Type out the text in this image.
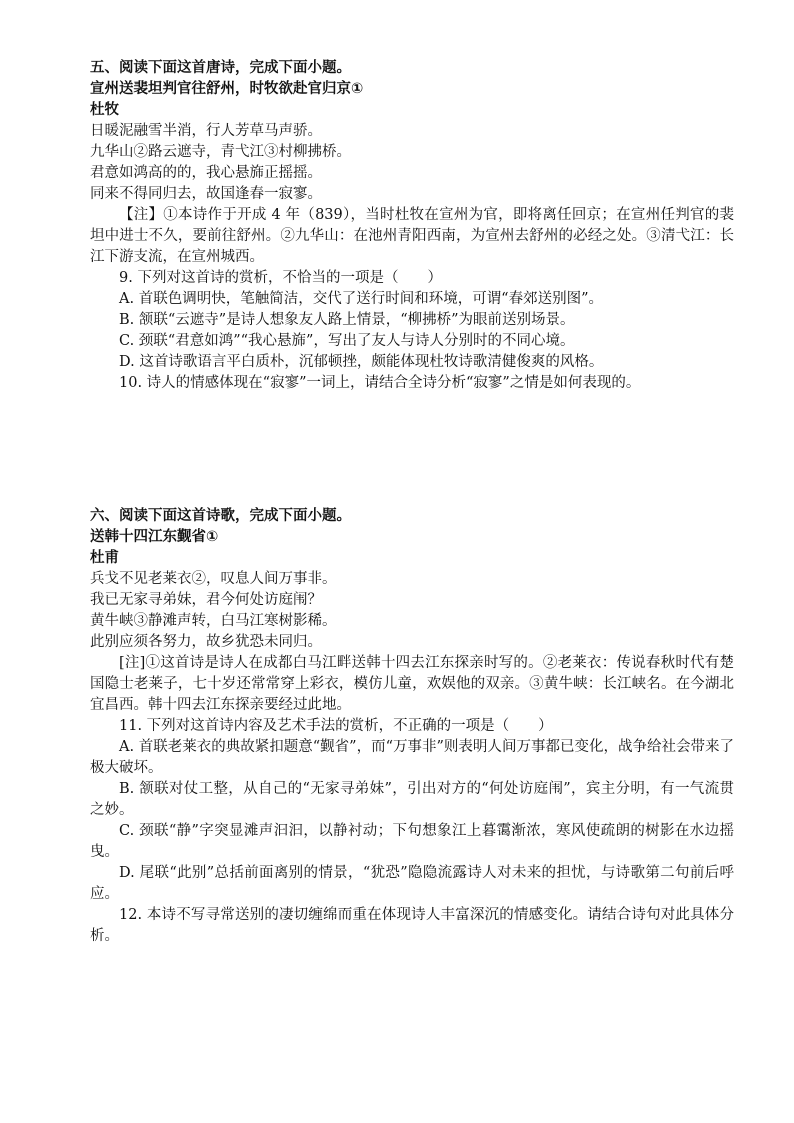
五、阅读下面这首唐诗，完成下面小题。
宣州送裴坦判官往舒州，时牧欲赴官归京①
杜牧
日暖泥融雪半消，行人芳草马声骄。
九华山②路云遮寺，青弋江③村柳拂桥。
君意如鸿高的的，我心悬旆正摇摇。
同来不得同归去，故国逢春一寂寥。
【注】①本诗作于开成 4 年（839），当时杜牧在宣州为官，即将离任回京；在宣州任判官的裴坦中进士不久，要前往舒州。②九华山：在池州青阳西南，为宣州去舒州的必经之处。③清弋江：长江下游支流，在宣州城西。
9. 下列对这首诗的赏析，不恰当的一项是（　　）
A. 首联色调明快，笔触简洁，交代了送行时间和环境，可谓“春郊送别图”。
B. 颔联“云遮寺”是诗人想象友人路上情景，“柳拂桥”为眼前送别场景。
C. 颈联“君意如鸿”“我心悬旆”，写出了友人与诗人分别时的不同心境。
D. 这首诗歌语言平白质朴，沉郁顿挫，颇能体现杜牧诗歌清健俊爽的风格。
10. 诗人的情感体现在“寂寥”一词上，请结合全诗分析“寂寥”之情是如何表现的。
六、阅读下面这首诗歌，完成下面小题。
送韩十四江东觐省①
杜甫
兵戈不见老莱衣②，叹息人间万事非。
我已无家寻弟妹，君今何处访庭闱？
黄牛峡③静滩声转，白马江寒树影稀。
此别应须各努力，故乡犹恐未同归。
[注]①这首诗是诗人在成都白马江畔送韩十四去江东探亲时写的。②老莱衣：传说春秋时代有楚国隐士老莱子，七十岁还常常穿上彩衣，模仿儿童，欢娱他的双亲。③黄牛峡：长江峡名。在今湖北宜昌西。韩十四去江东探亲要经过此地。
11. 下列对这首诗内容及艺术手法的赏析，不正确的一项是（　　）
A. 首联老莱衣的典故紧扣题意“觐省”，而“万事非”则表明人间万事都已变化，战争给社会带来了极大破坏。
B. 颔联对仗工整，从自己的“无家寻弟妹”，引出对方的“何处访庭闱”，宾主分明，有一气流贯之妙。
C. 颈联“静”字突显滩声汩汩，以静衬动；下句想象江上暮霭渐浓，寒风使疏朗的树影在水边摇曳。
D. 尾联“此别”总括前面离别的情景，“犹恐”隐隐流露诗人对未来的担忧，与诗歌第二句前后呼应。
12. 本诗不写寻常送别的凄切缠绵而重在体现诗人丰富深沉的情感变化。请结合诗句对此具体分析。
